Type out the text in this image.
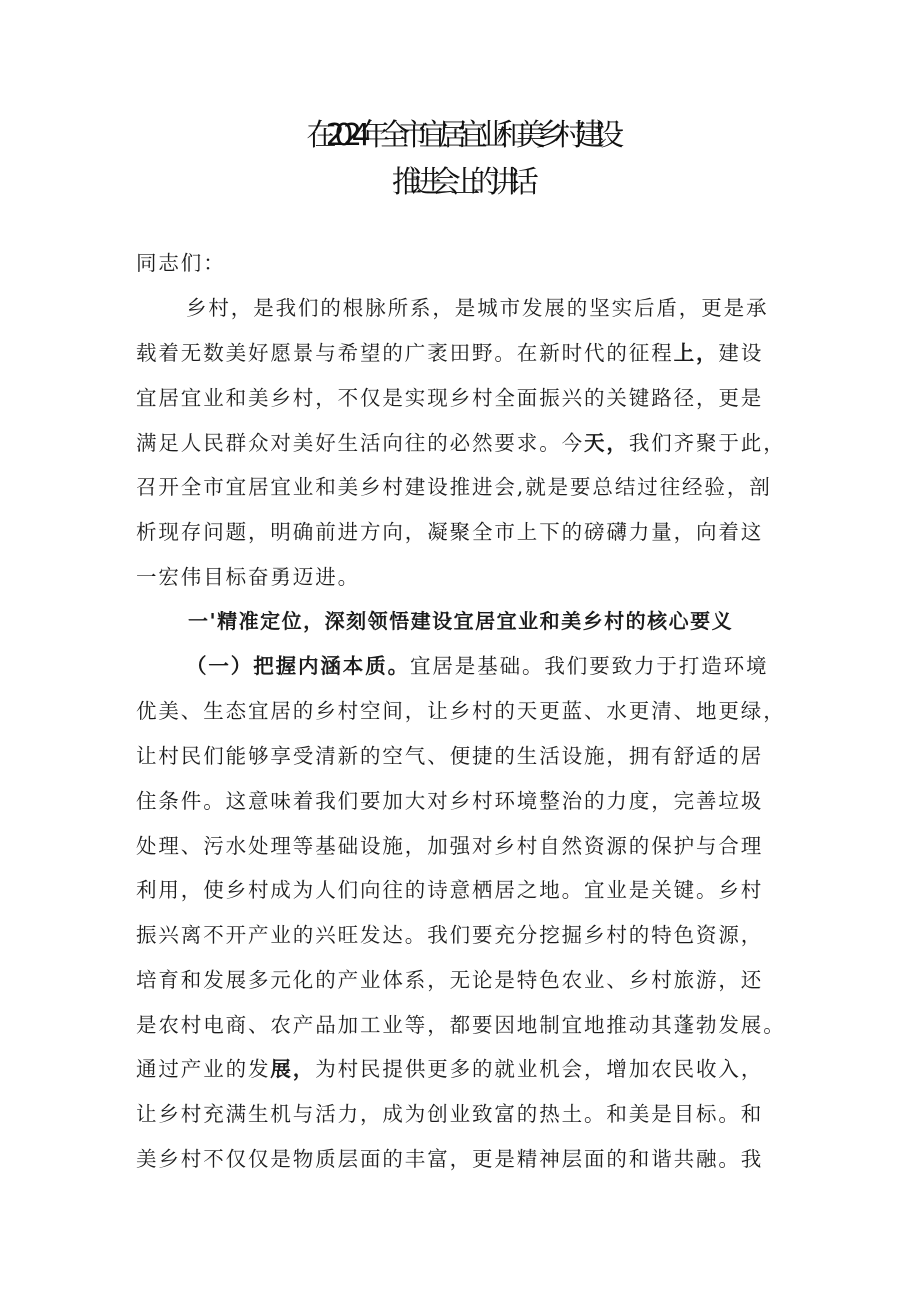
在2024年全市宜居宜业和美乡村建设
推进会上的讲话
同志们：
乡村，是我们的根脉所系，是城市发展的坚实后盾，更是承
载着无数美好愿景与希望的广袤田野。在新时代的征程上，建设
宜居宜业和美乡村，不仅是实现乡村全面振兴的关键路径，更是
满足人民群众对美好生活向往的必然要求。今天，我们齐聚于此，
召开全市宜居宜业和美乡村建设推进会,就是要总结过往经验，剖
析现存问题，明确前进方向，凝聚全市上下的磅礴力量，向着这
一宏伟目标奋勇迈进。
一'精准定位，深刻领悟建设宜居宜业和美乡村的核心要义
（一）把握内涵本质。宜居是基础。我们要致力于打造环境
优美、生态宜居的乡村空间，让乡村的天更蓝、水更清、地更绿，
让村民们能够享受清新的空气、便捷的生活设施，拥有舒适的居
住条件。这意味着我们要加大对乡村环境整治的力度，完善垃圾
处理、污水处理等基础设施，加强对乡村自然资源的保护与合理
利用，使乡村成为人们向往的诗意栖居之地。宜业是关键。乡村
振兴离不开产业的兴旺发达。我们要充分挖掘乡村的特色资源，
培育和发展多元化的产业体系，无论是特色农业、乡村旅游，还
是农村电商、农产品加工业等，都要因地制宜地推动其蓬勃发展。
通过产业的发展，为村民提供更多的就业机会，增加农民收入，
让乡村充满生机与活力，成为创业致富的热土。和美是目标。和
美乡村不仅仅是物质层面的丰富，更是精神层面的和谐共融。我
